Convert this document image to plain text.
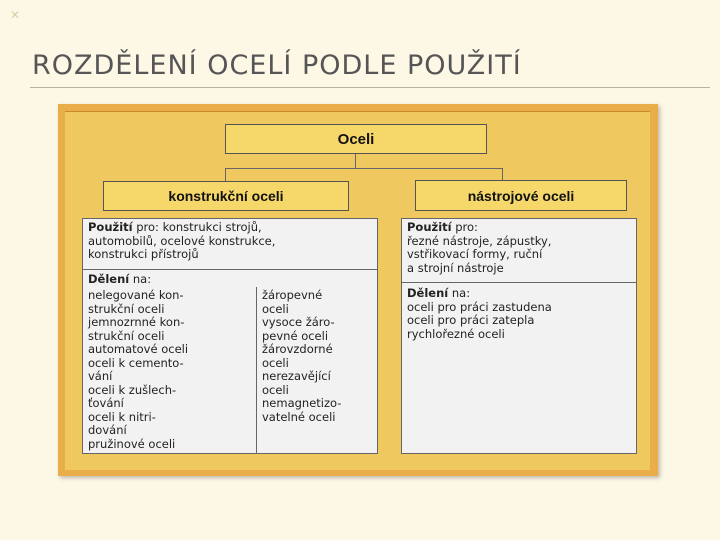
✕
ROZDĚLENÍ OCELÍ PODLE POUŽITÍ
Oceli
konstrukční oceli	nástrojové oceli
Použití pro: konstrukci strojů,
automobilů, ocelové konstrukce,
konstrukci přístrojů
Dělení na:
nelegované kon-
strukční oceli
jemnozrnné kon-
strukční oceli
automatové oceli
oceli k cemento-
vání
oceli k zušlech-
ťování
oceli k nitri-
dování
pružinové oceli
žáropevné
oceli
vysoce žáro-
pevné oceli
žárovzdorné
oceli
nerezavějící
oceli
nemagnetizo-
vatelné oceli
Použití pro:
řezné nástroje, zápustky,
vstřikovací formy, ruční
a strojní nástroje
Dělení na:
oceli pro práci zastudena
oceli pro práci zatepla
rychlořezné oceli
